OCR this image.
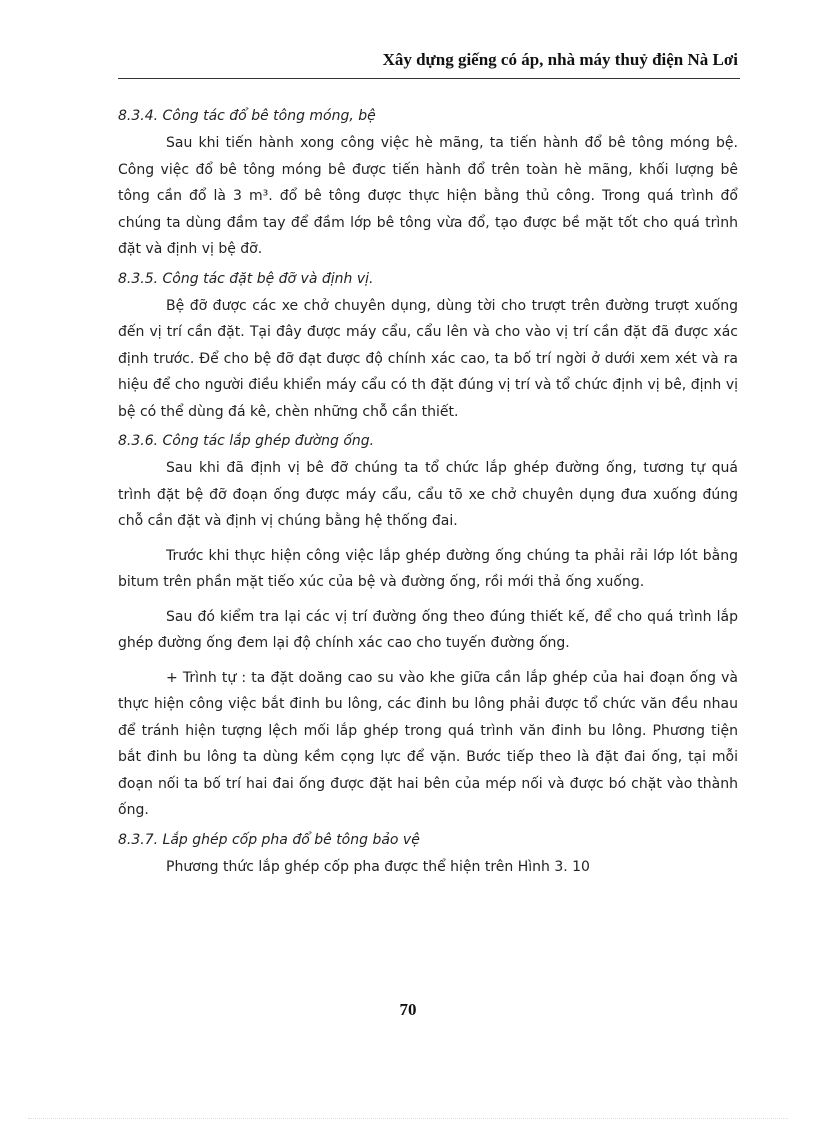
Xây dựng giếng có áp, nhà máy thuỷ điện Nà Lơi

8.3.4. Công tác đổ bê tông móng, bệ

Sau khi tiến hành xong công việc hè mãng, ta tiến hành đổ bê tông móng bệ. Công việc đổ bê tông móng bê được tiến hành đổ trên toàn hè mãng, khối lượng bê tông cần đổ là 3 m³. đổ bê tông được thực hiện bằng thủ công. Trong quá trình đổ chúng ta dùng đầm tay để đầm lớp bê tông vừa đổ, tạo được bề mặt tốt cho quá trình đặt và định vị bệ đỡ.

8.3.5. Công tác đặt bệ đỡ và định vị.

Bệ đỡ được các xe chở chuyên dụng, dùng tời cho trượt trên đường trượt xuống đến vị trí cần đặt. Tại đây được máy cẩu, cẩu lên và cho vào vị trí cần đặt đã được xác định trước. Để cho bệ đỡ đạt được độ chính xác cao, ta bố trí ngời ở dưới xem xét và ra hiệu để cho người điều khiển máy cẩu có th đặt đúng vị trí và tổ chức định vị bê, định vị bệ có thể dùng đá kê, chèn những chỗ cần thiết.

8.3.6. Công tác lắp ghép đường ống.

Sau khi đã định vị bê đỡ chúng ta tổ chức lắp ghép đường ống, tương tự quá trình đặt bệ đỡ đoạn ống được máy cẩu, cẩu tõ xe chở chuyên dụng đưa xuống đúng chỗ cần đặt và định vị chúng bằng hệ thống đai.

Trước khi thực hiện công việc lắp ghép đường ống chúng ta phải rải lớp lót bằng bitum trên phần mặt tiếo xúc của bệ và đường ống, rồi mới thả ống xuống.

Sau đó kiểm tra lại các vị trí đường ống theo đúng thiết kế, để cho quá trình lắp ghép đường ống đem lại độ chính xác cao cho tuyến đường ống.

+ Trình tự : ta đặt doăng cao su vào khe giữa cần lắp ghép của hai đoạn ống và thực hiện công việc bắt đinh bu lông, các đinh bu lông phải được tổ chức văn đều nhau để tránh hiện tượng lệch mối lắp ghép trong quá trình văn đinh bu lông. Phương tiện bắt đinh bu lông ta dùng kềm cọng lực để vặn. Bước tiếp theo là đặt đai ống, tại mỗi đoạn nối ta bố trí hai đai ống được đặt hai bên của mép nối và được bó chặt vào thành ống.

8.3.7. Lắp ghép cốp pha đổ bê tông bảo vệ

Phương thức lắp ghép cốp pha được thể hiện trên Hình 3. 10

70
